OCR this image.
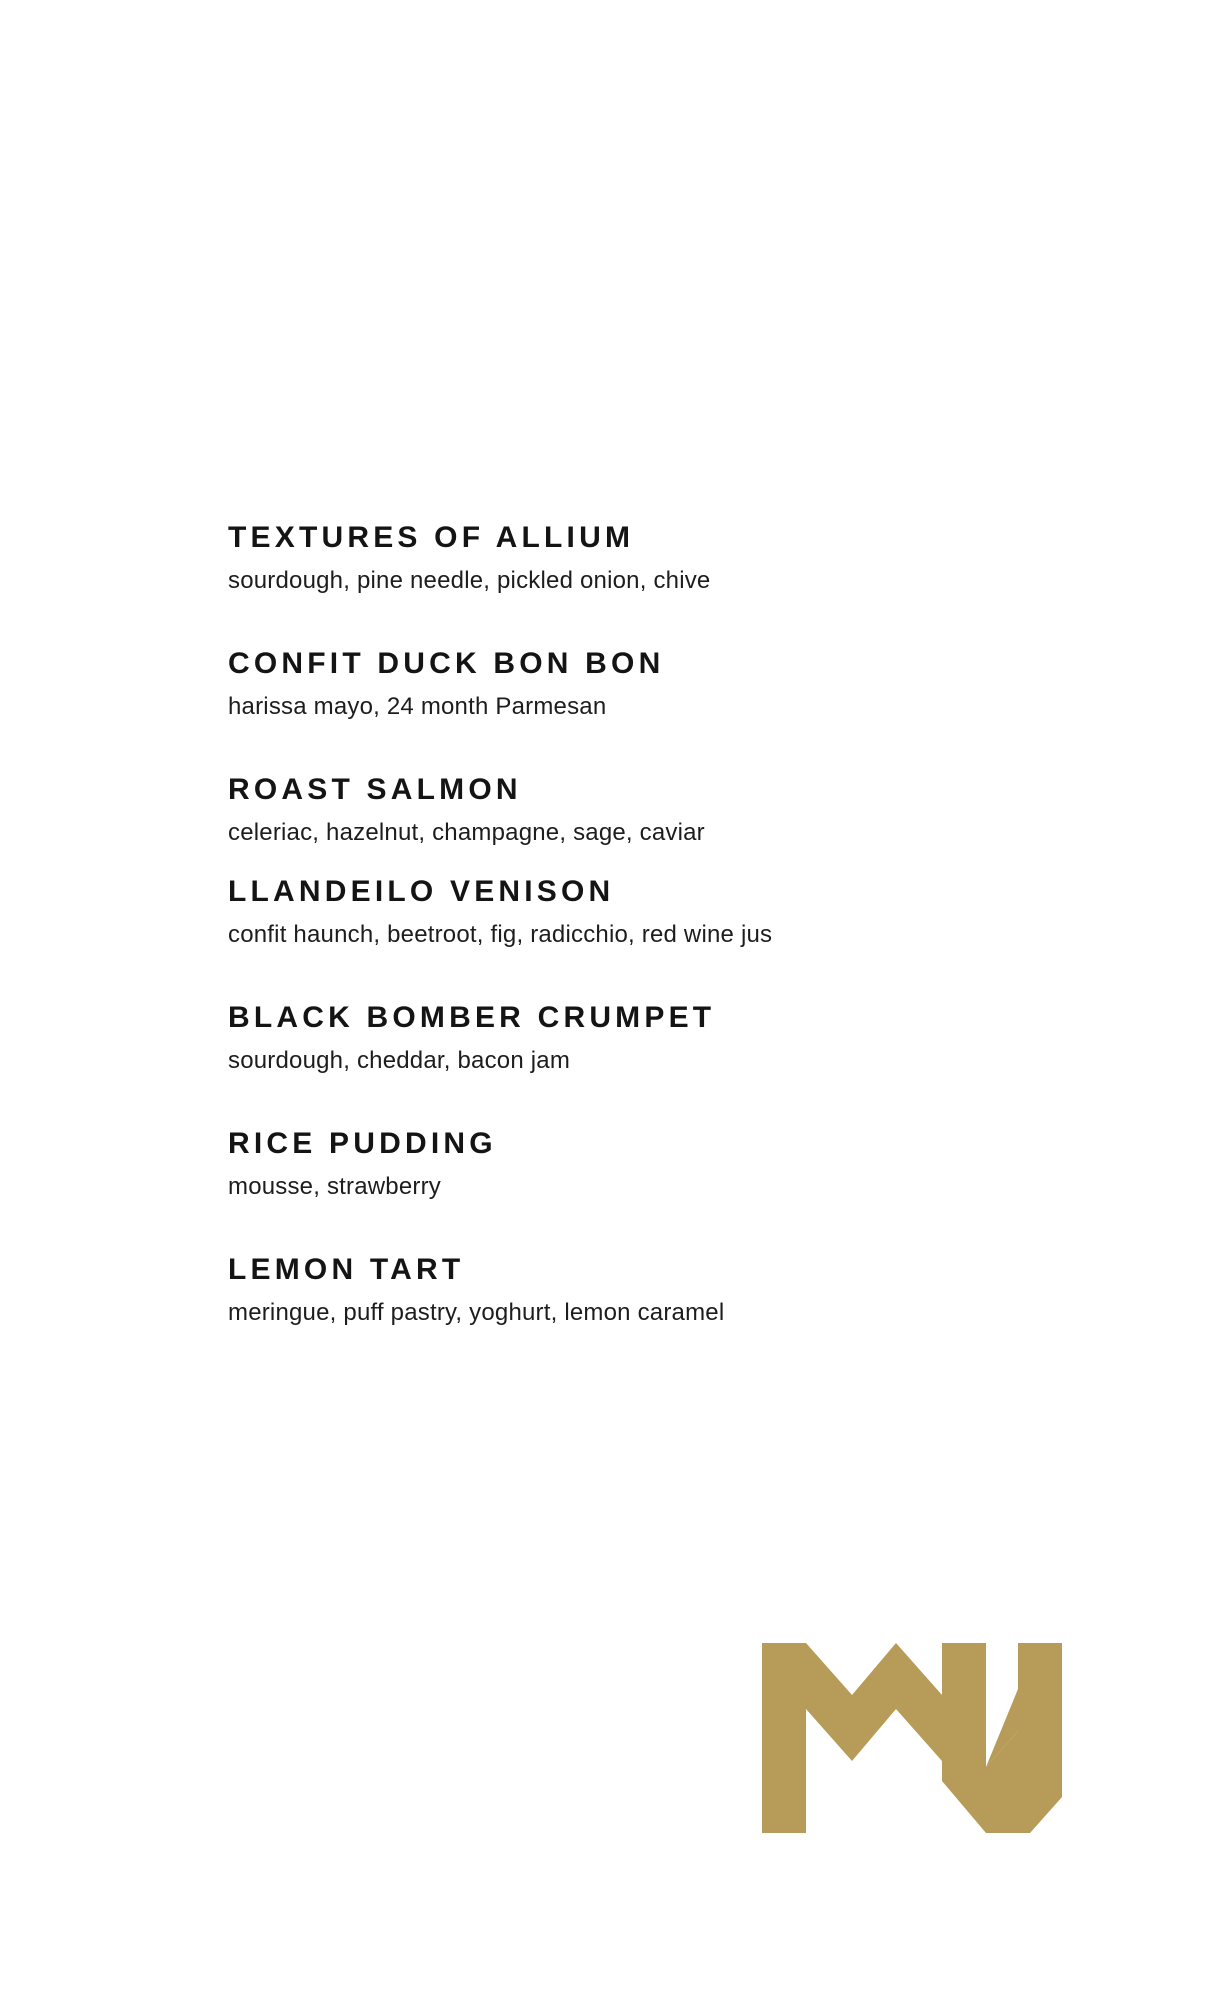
TEXTURES OF ALLIUM

sourdough, pine needle, pickled onion, chive

CONFIT DUCK BON BON

harissa mayo, 24 month Parmesan

ROAST SALMON

celeriac, hazelnut, champagne, sage, caviar

LLANDEILO VENISON

confit haunch, beetroot, fig, radicchio, red wine jus

BLACK BOMBER CRUMPET

sourdough, cheddar, bacon jam

RICE PUDDING

mousse, strawberry

LEMON TART

meringue, puff pastry, yoghurt, lemon caramel
